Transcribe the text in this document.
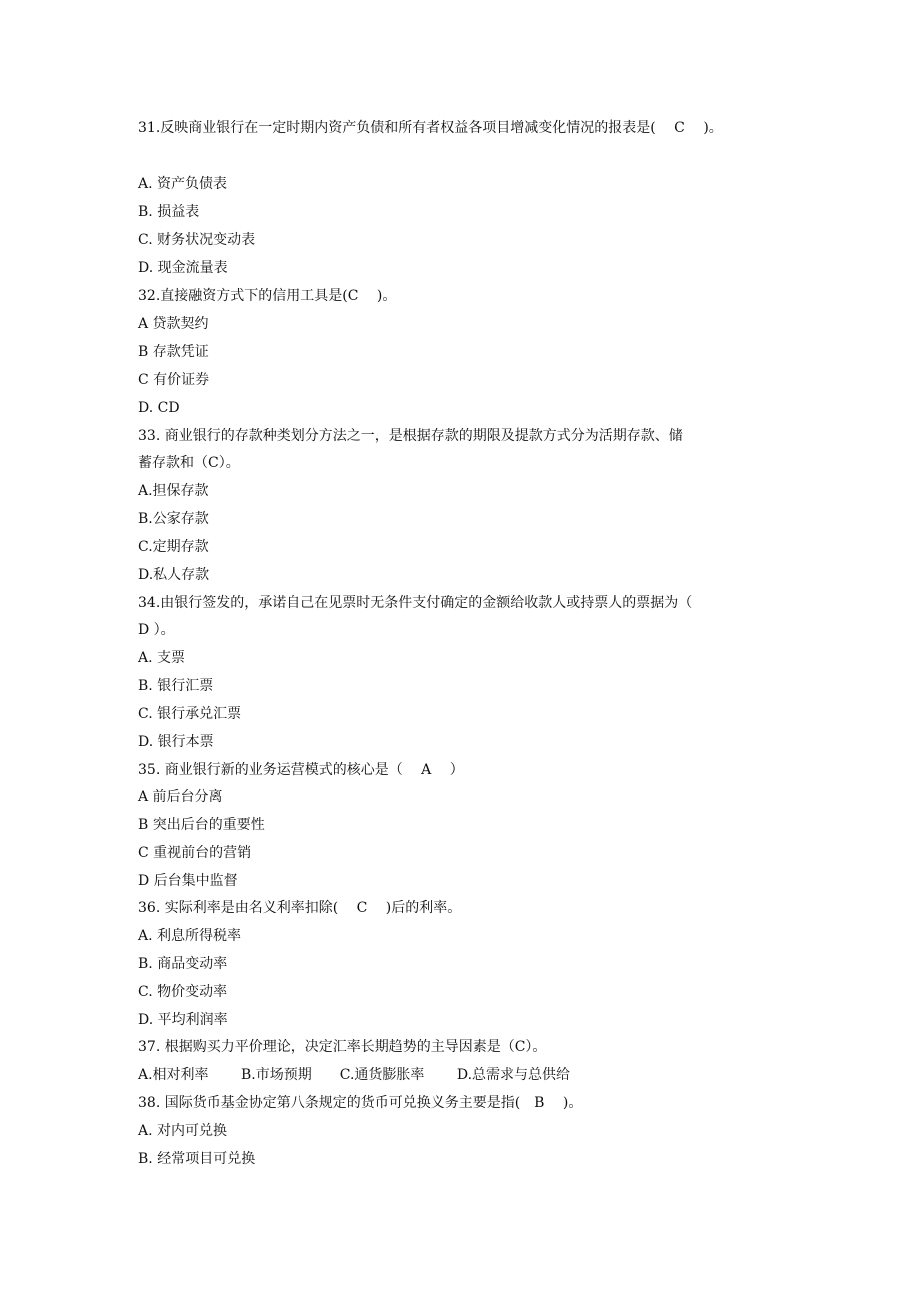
31.反映商业银行在一定时期内资产负债和所有者权益各项目增减变化情况的报表是(　 C　 )。
A. 资产负债表
B. 损益表
C. 财务状况变动表
D. 现金流量表
32.直接融资方式下的信用工具是(C　 )。
A 贷款契约
B 存款凭证
C 有价证券
D. CD
33. 商业银行的存款种类划分方法之一，是根据存款的期限及提款方式分为活期存款、储
蓄存款和（C）。
A.担保存款
B.公家存款
C.定期存款
D.私人存款
34.由银行签发的，承诺自己在见票时无条件支付确定的金额给收款人或持票人的票据为（
D ）。
A. 支票
B. 银行汇票
C. 银行承兑汇票
D. 银行本票
35. 商业银行新的业务运营模式的核心是（　 A　 ）
A 前后台分离
B 突出后台的重要性
C 重视前台的营销
D 后台集中监督
36. 实际利率是由名义利率扣除(　 C　 )后的利率。
A. 利息所得税率
B. 商品变动率
C. 物价变动率
D. 平均利润率
37. 根据购买力平价理论，决定汇率长期趋势的主导因素是（C）。
A.相对利率　　 B.市场预期　　C.通货膨胀率　　 D.总需求与总供给
38. 国际货币基金协定第八条规定的货币可兑换义务主要是指(　B　 )。
A. 对内可兑换
B. 经常项目可兑换
